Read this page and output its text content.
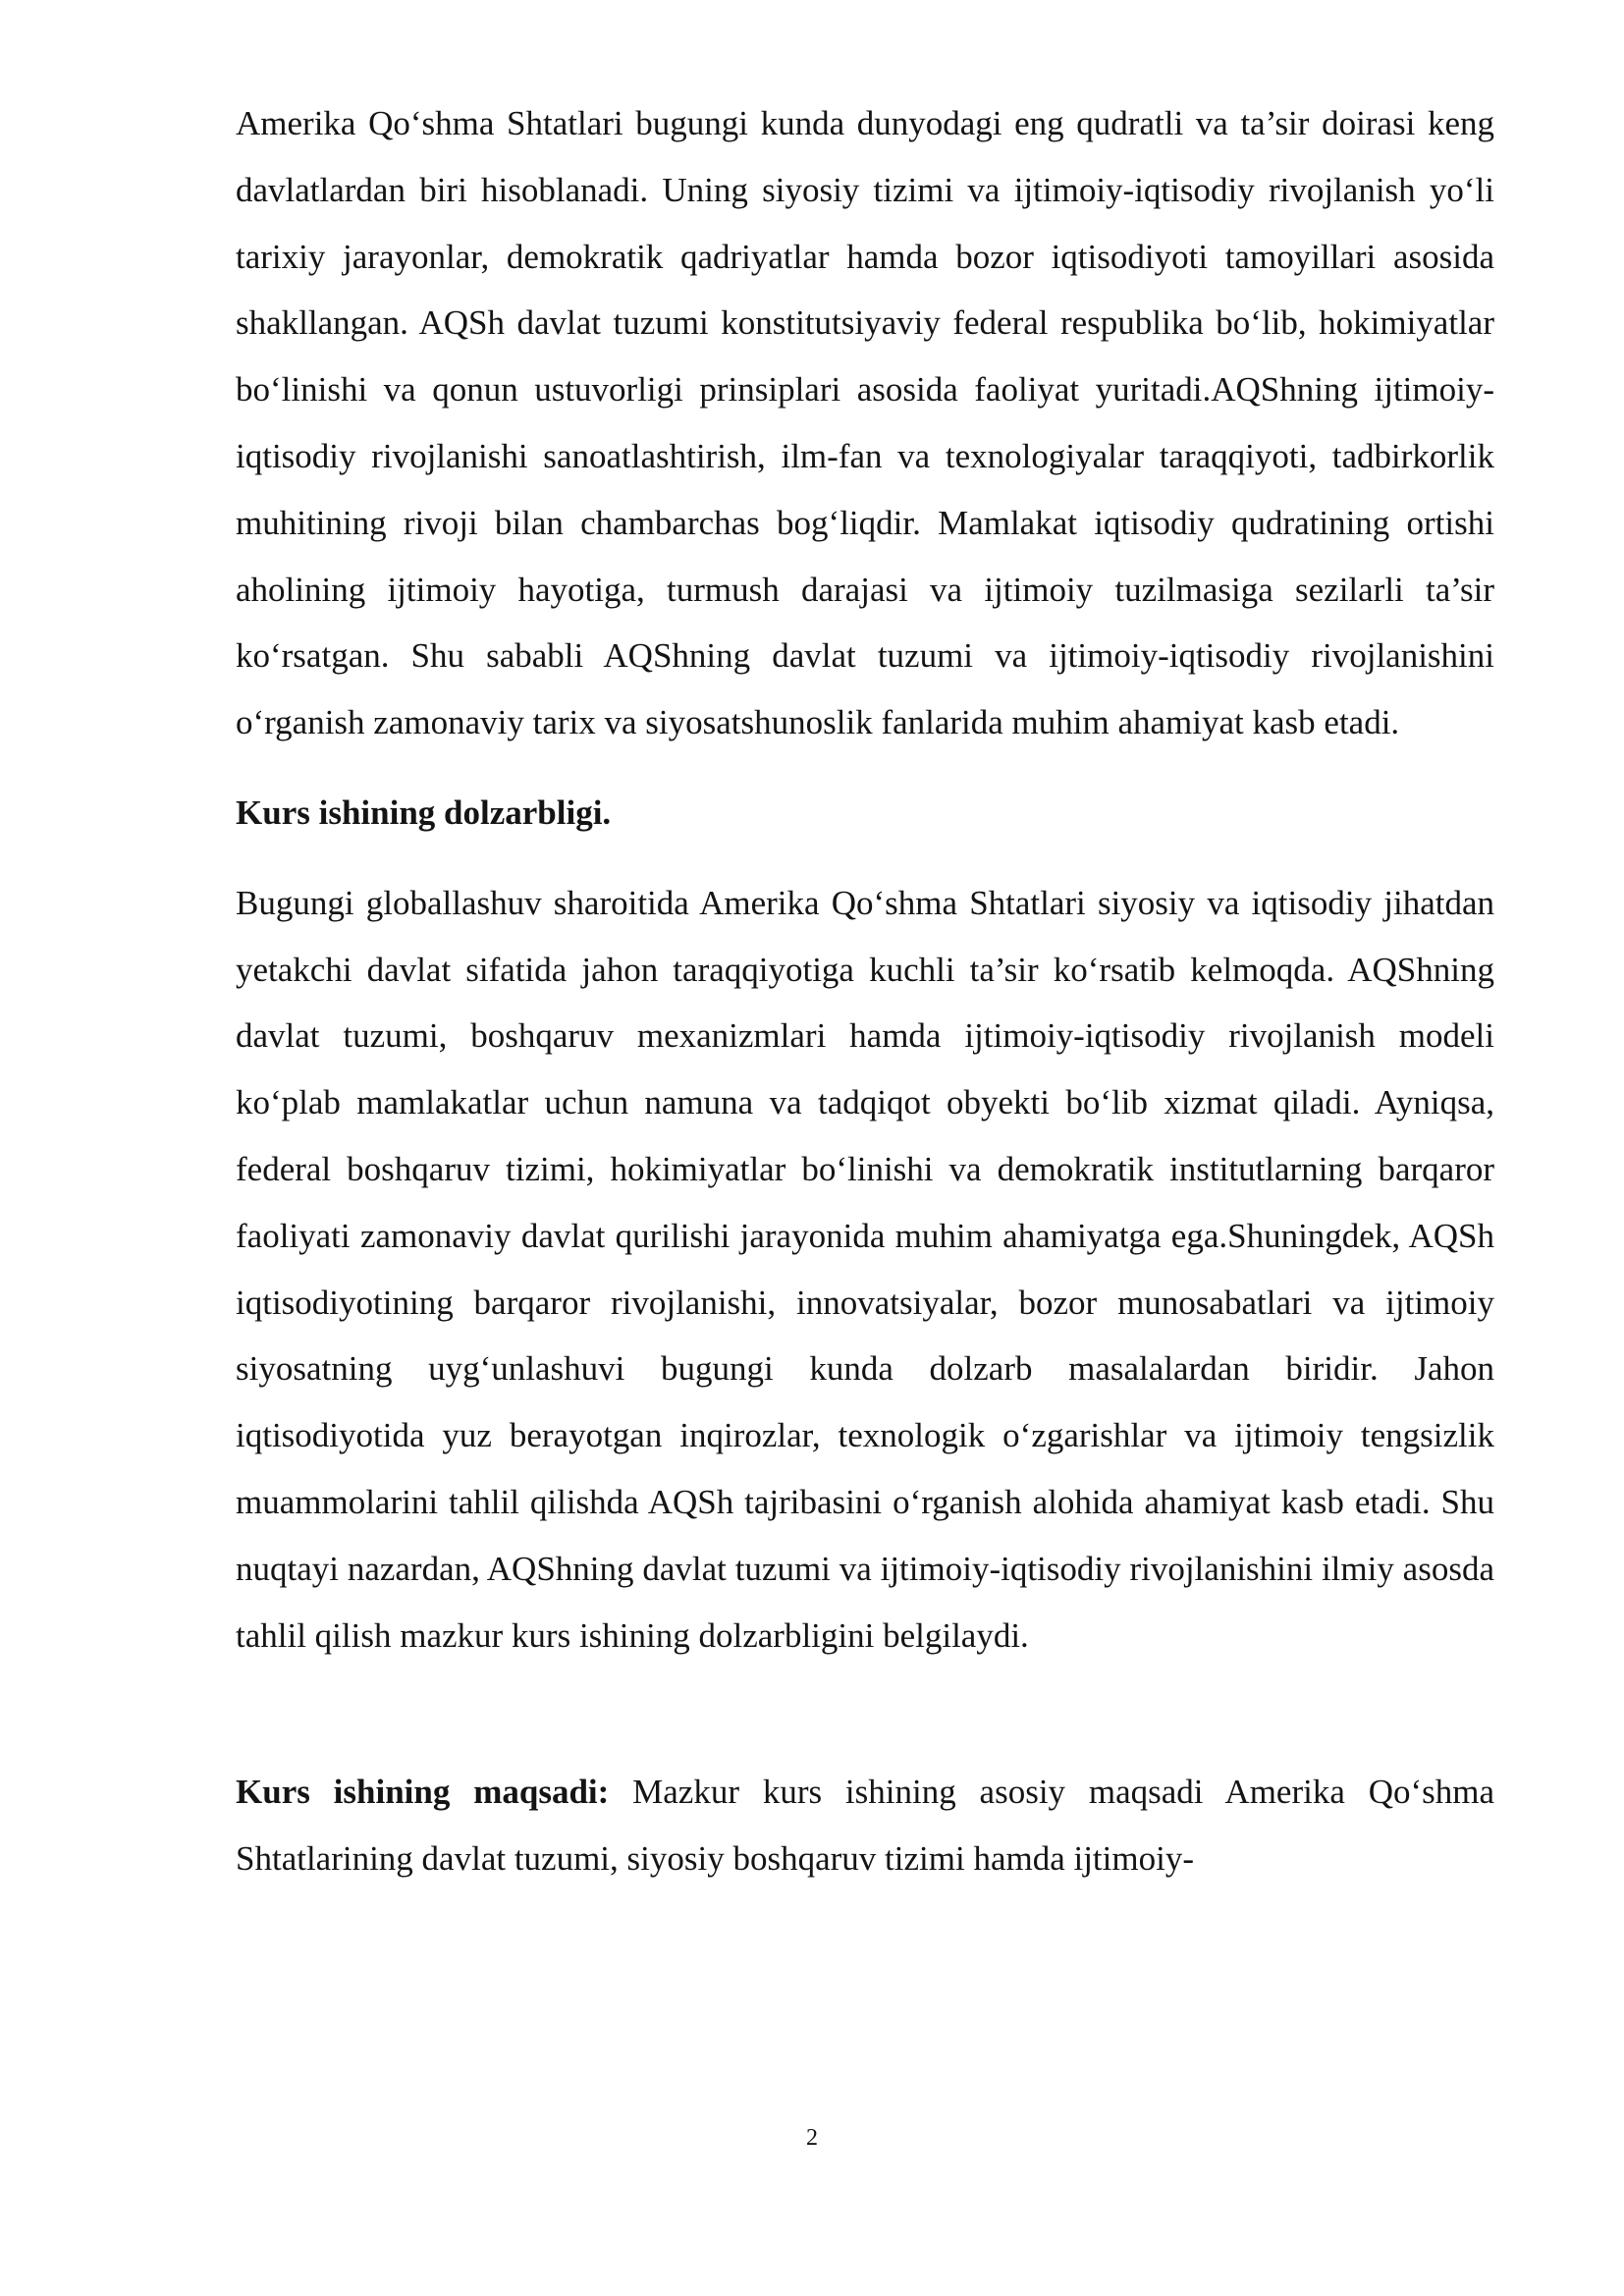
Amerika Qo‘shma Shtatlari bugungi kunda dunyodagi eng qudratli va ta’sir doirasi keng davlatlardan biri hisoblanadi. Uning siyosiy tizimi va ijtimoiy-iqtisodiy rivojlanish yo‘li tarixiy jarayonlar, demokratik qadriyatlar hamda bozor iqtisodiyoti tamoyillari asosida shakllangan. AQSh davlat tuzumi konstitutsiyaviy federal respublika bo‘lib, hokimiyatlar bo‘linishi va qonun ustuvorligi prinsiplari asosida faoliyat yuritadi.AQShning ijtimoiy-iqtisodiy rivojlanishi sanoatlashtirish, ilm-fan va texnologiyalar taraqqiyoti, tadbirkorlik muhitining rivoji bilan chambarchas bog‘liqdir. Mamlakat iqtisodiy qudratining ortishi aholining ijtimoiy hayotiga, turmush darajasi va ijtimoiy tuzilmasiga sezilarli ta’sir ko‘rsatgan. Shu sababli AQShning davlat tuzumi va ijtimoiy-iqtisodiy rivojlanishini o‘rganish zamonaviy tarix va siyosatshunoslik fanlarida muhim ahamiyat kasb etadi.

Kurs ishining dolzarbligi.

Bugungi globallashuv sharoitida Amerika Qo‘shma Shtatlari siyosiy va iqtisodiy jihatdan yetakchi davlat sifatida jahon taraqqiyotiga kuchli ta’sir ko‘rsatib kelmoqda. AQShning davlat tuzumi, boshqaruv mexanizmlari hamda ijtimoiy-iqtisodiy rivojlanish modeli ko‘plab mamlakatlar uchun namuna va tadqiqot obyekti bo‘lib xizmat qiladi. Ayniqsa, federal boshqaruv tizimi, hokimiyatlar bo‘linishi va demokratik institutlarning barqaror faoliyati zamonaviy davlat qurilishi jarayonida muhim ahamiyatga ega.Shuningdek, AQSh iqtisodiyotining barqaror rivojlanishi, innovatsiyalar, bozor munosabatlari va ijtimoiy siyosatning uyg‘unlashuvi bugungi kunda dolzarb masalalardan biridir. Jahon iqtisodiyotida yuz berayotgan inqirozlar, texnologik o‘zgarishlar va ijtimoiy tengsizlik muammolarini tahlil qilishda AQSh tajribasini o‘rganish alohida ahamiyat kasb etadi. Shu nuqtayi nazardan, AQShning davlat tuzumi va ijtimoiy-iqtisodiy rivojlanishini ilmiy asosda tahlil qilish mazkur kurs ishining dolzarbligini belgilaydi.

Kurs ishining maqsadi: Mazkur kurs ishining asosiy maqsadi Amerika Qo‘shma Shtatlarining davlat tuzumi, siyosiy boshqaruv tizimi hamda ijtimoiy-

2
